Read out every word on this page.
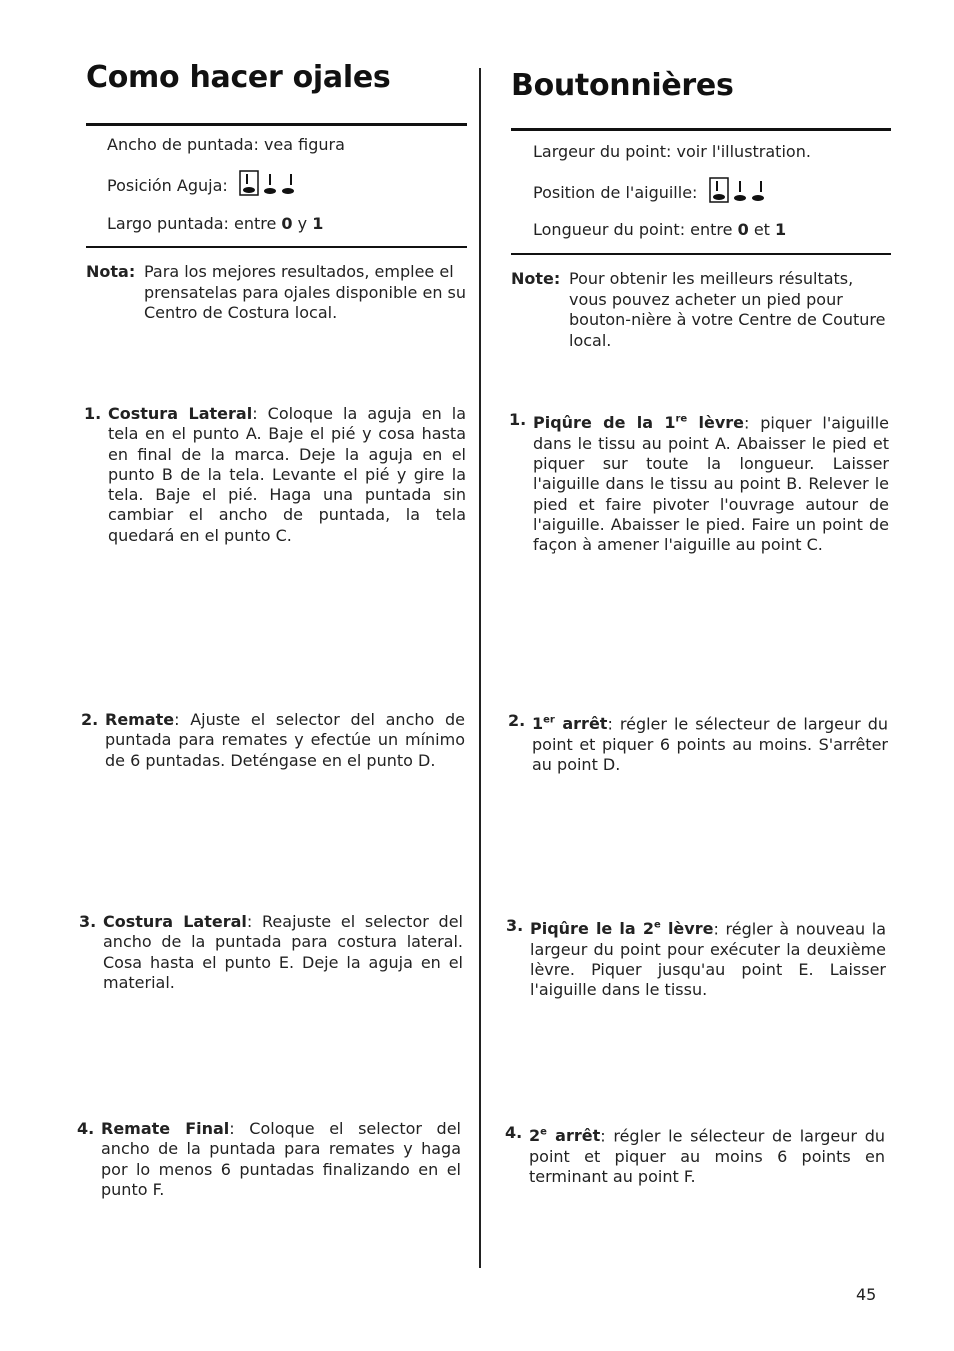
Como hacer ojales
Ancho de puntada: vea figura
Posición Aguja:
Largo puntada: entre 0 y 1
Nota: Para los mejores resultados, emplee el prensatelas para ojales disponible en su Centro de Costura local.
1. Costura Lateral: Coloque la aguja en la tela en el punto A. Baje el pié y cosa hasta en final de la marca. Deje la aguja en el punto B de la tela. Levante el pié y gire la tela. Baje el pié. Haga una puntada sin cambiar el ancho de puntada, la tela quedará en el punto C.
2. Remate: Ajuste el selector del ancho de puntada para remates y efectúe un mínimo de 6 puntadas. Deténgase en el punto D.
3. Costura Lateral: Reajuste el selector del ancho de la puntada para costura lateral. Cosa hasta el punto E. Deje la aguja en el material.
4. Remate Final: Coloque el selector del ancho de la puntada para remates y haga por lo menos 6 puntadas finalizando en el punto F.
Boutonnières
Largeur du point: voir l'illustration.
Position de l'aiguille:
Longueur du point: entre 0 et 1
Note: Pour obtenir les meilleurs résultats, vous pouvez acheter un pied pour bouton-nière à votre Centre de Couture local.
1. Piqûre de la 1re lèvre: piquer l'aiguille dans le tissu au point A. Abaisser le pied et piquer sur toute la longueur. Laisser l'aiguille dans le tissu au point B. Relever le pied et faire pivoter l'ouvrage autour de l'aiguille. Abaisser le pied. Faire un point de façon à amener l'aiguille au point C.
2. 1er arrêt: régler le sélecteur de largeur du point et piquer 6 points au moins. S'arrêter au point D.
3. Piqûre le la 2e lèvre: régler à nouveau la largeur du point pour exécuter la deuxième lèvre. Piquer jusqu'au point E. Laisser l'aiguille dans le tissu.
4. 2e arrêt: régler le sélecteur de largeur du point et piquer au moins 6 points en terminant au point F.
45
